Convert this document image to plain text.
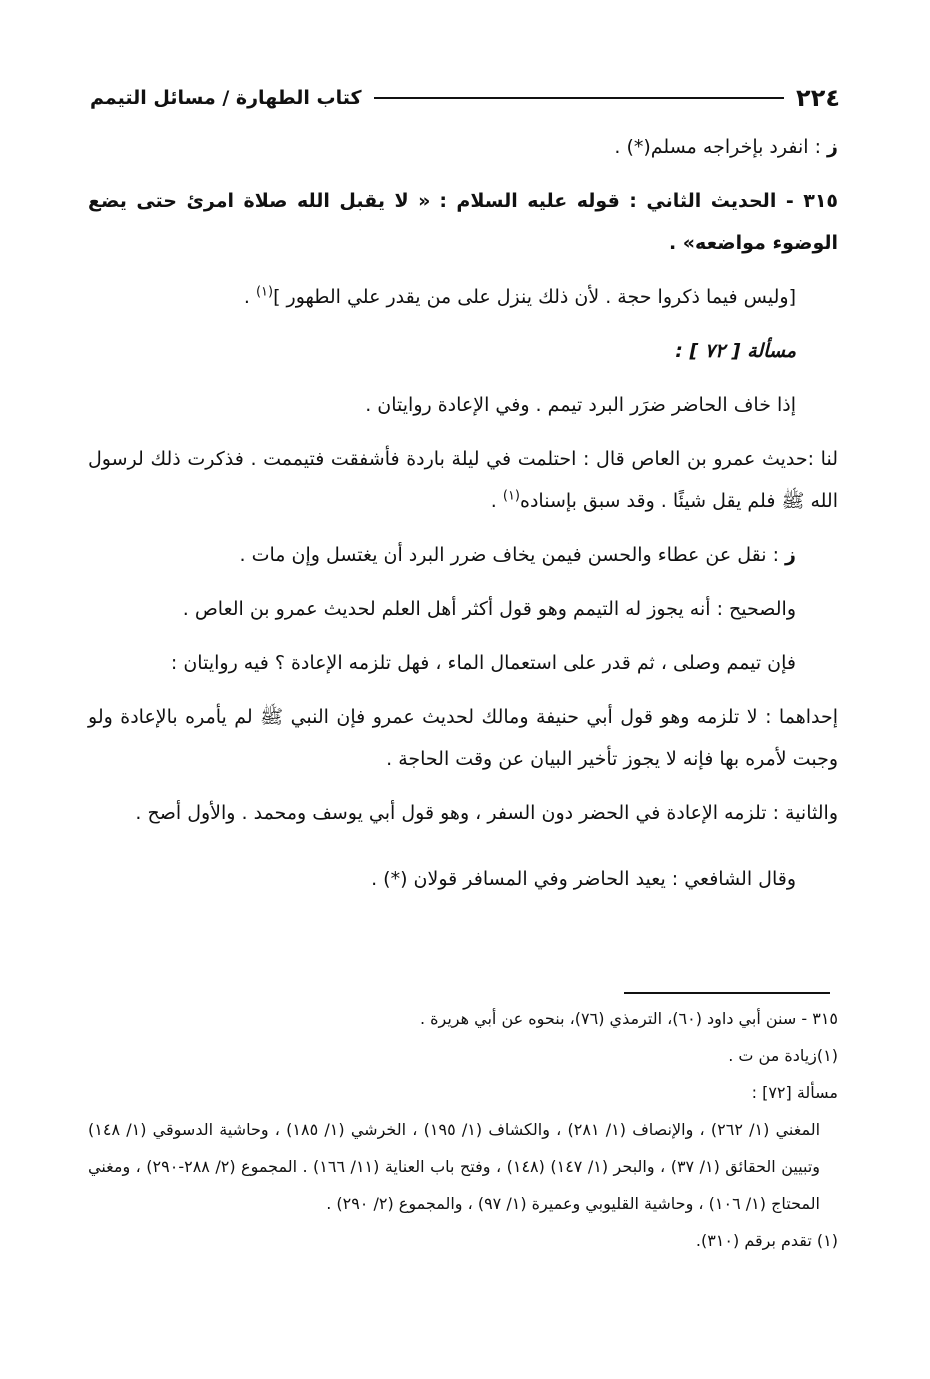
٢٢٤
كتاب الطهارة / مسائل التيمم

ز : انفرد بإخراجه مسلم(*) .

٣١٥ - الحديث الثاني : قوله عليه السلام : « لا يقبل الله صلاة امرئ حتى يضع الوضوء مواضعه» .

[وليس فيما ذكروا حجة . لأن ذلك ينزل على من يقدر علي الطهور ]$^{(١)}$ .

مسألة [ ٧٢ ] :

إذا خاف الحاضر ضرَر البرد تيمم . وفي الإعادة روايتان .

لنا :حديث عمرو بن العاص قال : احتلمت في ليلة باردة فأشفقت فتيممت . فذكرت ذلك لرسول الله ﷺ فلم يقل شيئًا . وقد سبق بإسناده$^{(١)}$ .

ز : نقل عن عطاء والحسن فيمن يخاف ضرر البرد أن يغتسل وإن مات .

والصحيح : أنه يجوز له التيمم وهو قول أكثر أهل العلم لحديث عمرو بن العاص .

فإن تيمم وصلى ، ثم قدر على استعمال الماء ، فهل تلزمه الإعادة ؟ فيه روايتان :

إحداهما : لا تلزمه وهو قول أبي حنيفة ومالك لحديث عمرو فإن النبي ﷺ لم يأمره بالإعادة ولو وجبت لأمره بها فإنه لا يجوز تأخير البيان عن وقت الحاجة .

والثانية : تلزمه الإعادة في الحضر دون السفر ، وهو قول أبي يوسف ومحمد . والأول أصح .

وقال الشافعي : يعيد الحاضر وفي المسافر قولان (*) .

٣١٥ - سنن أبي داود (٦٠)، الترمذي (٧٦)، بنحوه عن أبي هريرة .

(١)زيادة من ت .

مسألة [٧٢] :

المغني (١/ ٢٦٢) ، والإنصاف (١/ ٢٨١) ، والكشاف (١/ ١٩٥) ، الخرشي (١/ ١٨٥) ، وحاشية الدسوقي (١/ ١٤٨) وتبيين الحقائق (١/ ٣٧) ، والبحر (١/ ١٤٧) (١٤٨) ، وفتح باب العناية (١١/ ١٦٦) . المجموع (٢/ ٢٨٨-٢٩٠) ، ومغني المحتاج (١/ ١٠٦) ، وحاشية القليوبي وعميرة (١/ ٩٧) ، والمجموع (٢/ ٢٩٠) .

(١) تقدم برقم (٣١٠).
